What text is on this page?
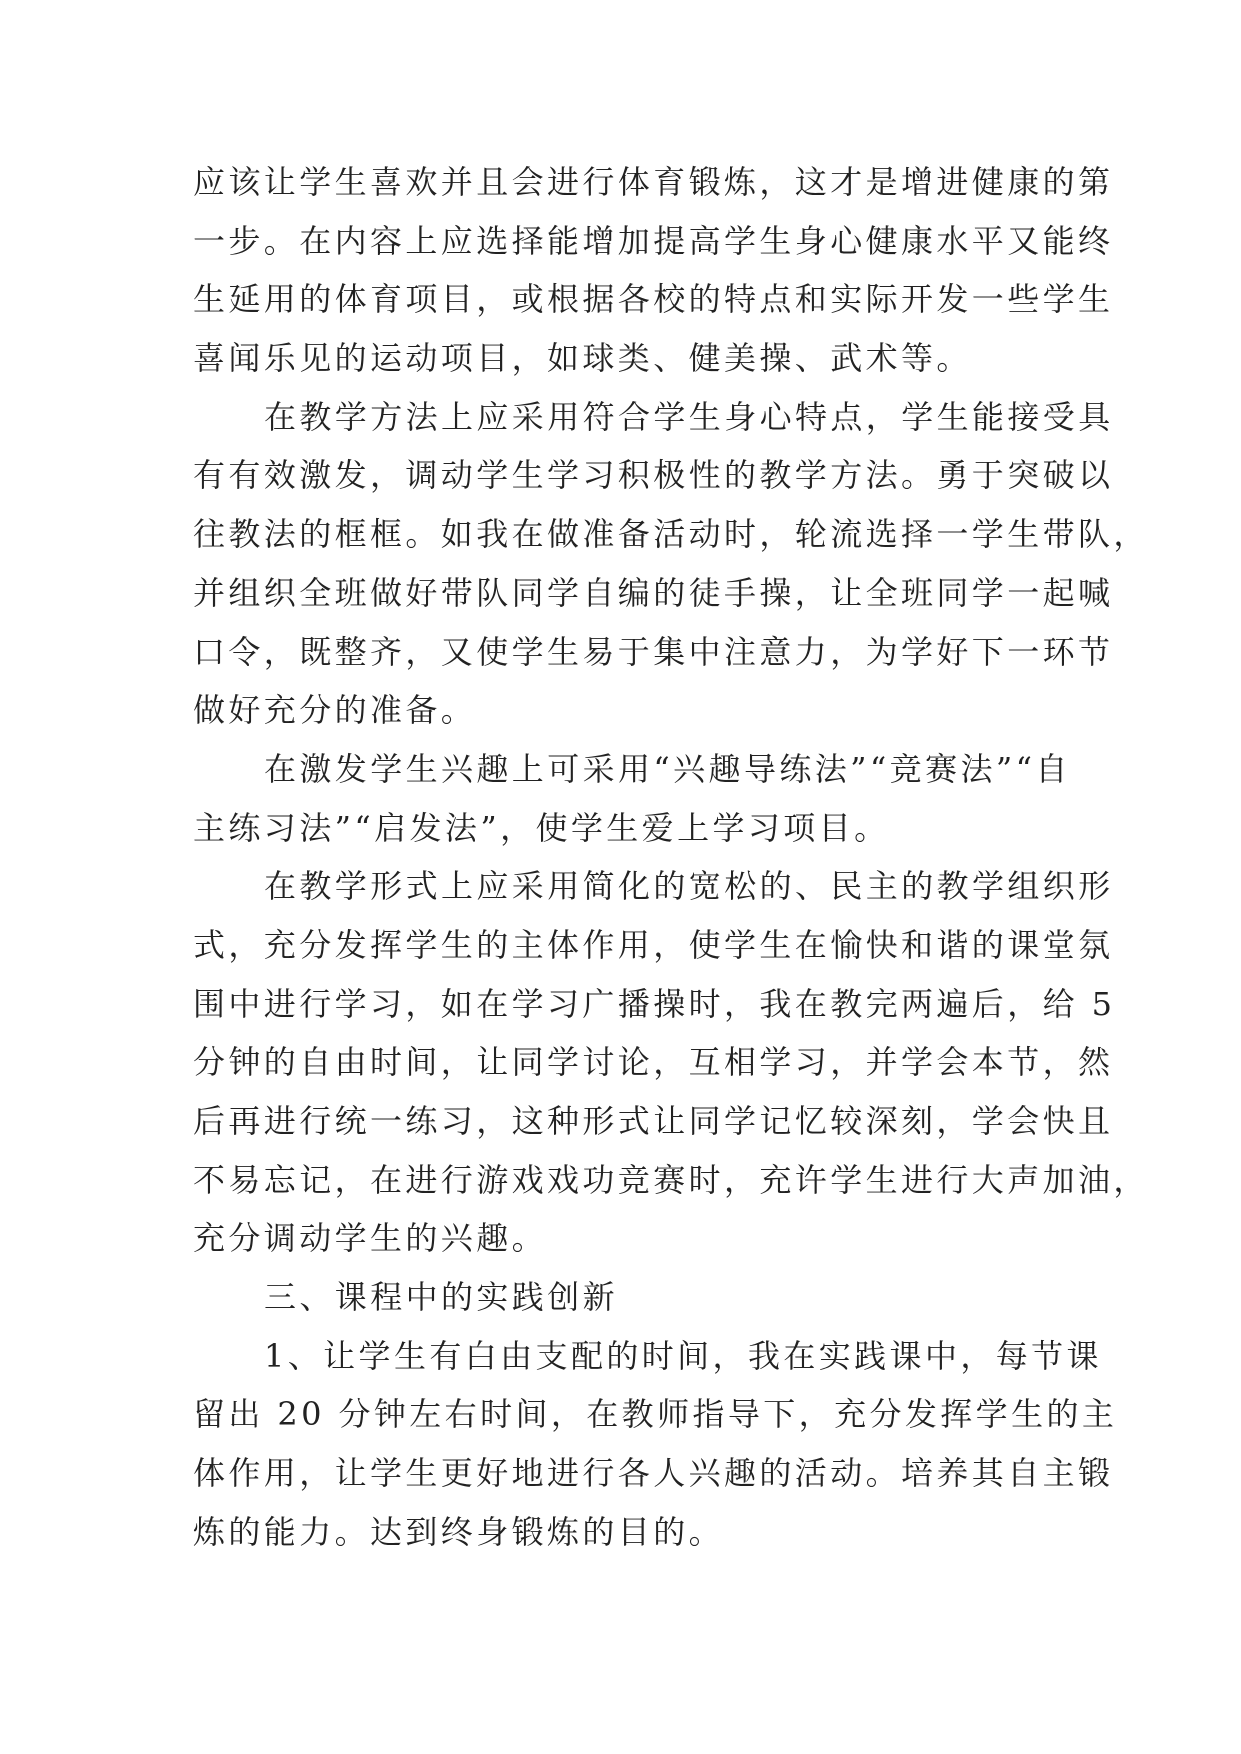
应该让学生喜欢并且会进行体育锻炼，这才是增进健康的第
一步。在内容上应选择能增加提高学生身心健康水平又能终
生延用的体育项目，或根据各校的特点和实际开发一些学生
喜闻乐见的运动项目，如球类、健美操、武术等。
在教学方法上应采用符合学生身心特点，学生能接受具
有有效激发，调动学生学习积极性的教学方法。勇于突破以
往教法的框框。如我在做准备活动时，轮流选择一学生带队，
并组织全班做好带队同学自编的徒手操，让全班同学一起喊
口令，既整齐，又使学生易于集中注意力，为学好下一环节
做好充分的准备。
在激发学生兴趣上可采用“兴趣导练法”“竞赛法”“自
主练习法”“启发法”，使学生爱上学习项目。
在教学形式上应采用简化的宽松的、民主的教学组织形
式，充分发挥学生的主体作用，使学生在愉快和谐的课堂氛
围中进行学习，如在学习广播操时，我在教完两遍后，给 5
分钟的自由时间，让同学讨论，互相学习，并学会本节，然
后再进行统一练习，这种形式让同学记忆较深刻，学会快且
不易忘记，在进行游戏戏功竞赛时，充许学生进行大声加油，
充分调动学生的兴趣。
三、课程中的实践创新
1、让学生有白由支配的时间，我在实践课中，每节课
留出 20 分钟左右时间，在教师指导下，充分发挥学生的主
体作用，让学生更好地进行各人兴趣的活动。培养其自主锻
炼的能力。达到终身锻炼的目的。
